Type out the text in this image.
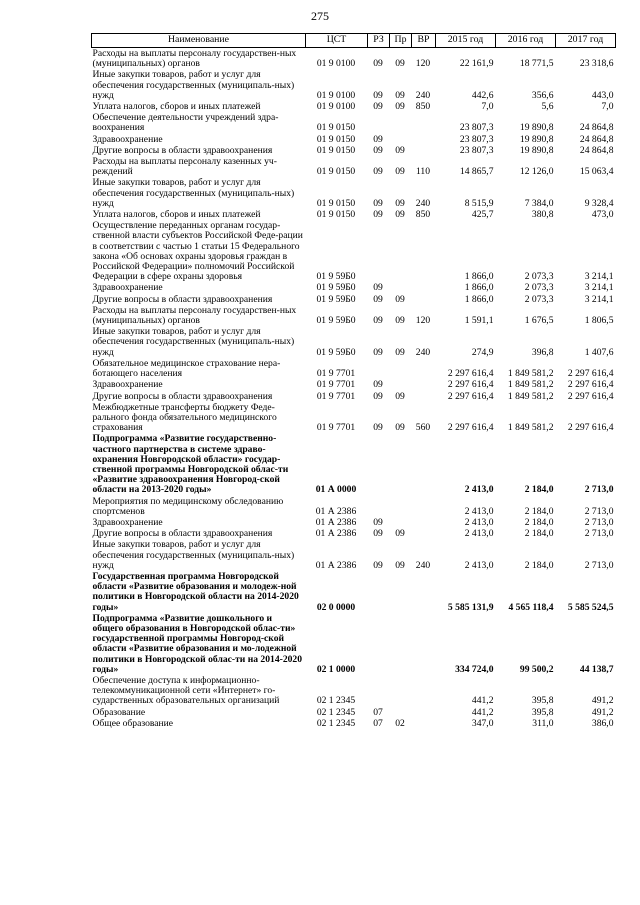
275
Наименование	ЦСТ	РЗ	Пр	ВР	2015 год	2016 год	2017 год
Расходы на выплаты персоналу государствен-ных (муниципальных) органов	01 9 0100	09	09	120	22 161,9	18 771,5	23 318,6
Иные закупки товаров, работ и услуг для обеспечения государственных (муниципаль-ных) нужд	01 9 0100	09	09	240	442,6	356,6	443,0
Уплата налогов, сборов и иных платежей	01 9 0100	09	09	850	7,0	5,6	7,0
Обеспечение деятельности учреждений здра-воохранения	01 9 0150				23 807,3	19 890,8	24 864,8
Здравоохранение	01 9 0150	09			23 807,3	19 890,8	24 864,8
Другие вопросы в области здравоохранения	01 9 0150	09	09		23 807,3	19 890,8	24 864,8
Расходы на выплаты персоналу казенных уч-реждений	01 9 0150	09	09	110	14 865,7	12 126,0	15 063,4
Иные закупки товаров, работ и услуг для обеспечения государственных (муниципаль-ных) нужд	01 9 0150	09	09	240	8 515,9	7 384,0	9 328,4
Уплата налогов, сборов и иных платежей	01 9 0150	09	09	850	425,7	380,8	473,0
Осуществление переданных органам государ-ственной власти субъектов Российской Феде-рации в соответствии с частью 1 статьи 15 Федерального закона «Об основах охраны здоровья граждан в Российской Федерации» полномочий Российской Федерации в сфере охраны здоровья	01 9 59Б0				1 866,0	2 073,3	3 214,1
Здравоохранение	01 9 59Б0	09			1 866,0	2 073,3	3 214,1
Другие вопросы в области здравоохранения	01 9 59Б0	09	09		1 866,0	2 073,3	3 214,1
Расходы на выплаты персоналу государствен-ных (муниципальных) органов	01 9 59Б0	09	09	120	1 591,1	1 676,5	1 806,5
Иные закупки товаров, работ и услуг для обеспечения государственных (муниципаль-ных) нужд	01 9 59Б0	09	09	240	274,9	396,8	1 407,6
Обязательное медицинское страхование нера-ботающего населения	01 9 7701				2 297 616,4	1 849 581,2	2 297 616,4
Здравоохранение	01 9 7701	09			2 297 616,4	1 849 581,2	2 297 616,4
Другие вопросы в области здравоохранения	01 9 7701	09	09		2 297 616,4	1 849 581,2	2 297 616,4
Межбюджетные трансферты бюджету Феде-рального фонда обязательного медицинского страхования	01 9 7701	09	09	560	2 297 616,4	1 849 581,2	2 297 616,4
Подпрограмма «Развитие государственно-частного партнерства в системе здраво-охранения Новгородской области» государ-ственной программы Новгородской облас-ти «Развитие здравоохранения Новгород-ской области на 2013-2020 годы»	01 А 0000				2 413,0	2 184,0	2 713,0
Мероприятия по медицинскому обследованию спортсменов	01 А 2386				2 413,0	2 184,0	2 713,0
Здравоохранение	01 А 2386	09			2 413,0	2 184,0	2 713,0
Другие вопросы в области здравоохранения	01 А 2386	09	09		2 413,0	2 184,0	2 713,0
Иные закупки товаров, работ и услуг для обеспечения государственных (муниципаль-ных) нужд	01 А 2386	09	09	240	2 413,0	2 184,0	2 713,0
Государственная программа Новгородской области «Развитие образования и молодеж-ной политики в Новгородской области на 2014-2020 годы»	02 0 0000				5 585 131,9	4 565 118,4	5 585 524,5
Подпрограмма «Развитие дошкольного и общего образования в Новгородской облас-ти» государственной программы Новгород-ской области «Развитие образования и мо-лодежной политики в Новгородской облас-ти на 2014-2020 годы»	02 1 0000				334 724,0	99 500,2	44 138,7
Обеспечение доступа к информационно-телекоммуникационной сети «Интернет» го-сударственных образовательных организаций	02 1 2345				441,2	395,8	491,2
Образование	02 1 2345	07			441,2	395,8	491,2
Общее образование	02 1 2345	07	02		347,0	311,0	386,0
